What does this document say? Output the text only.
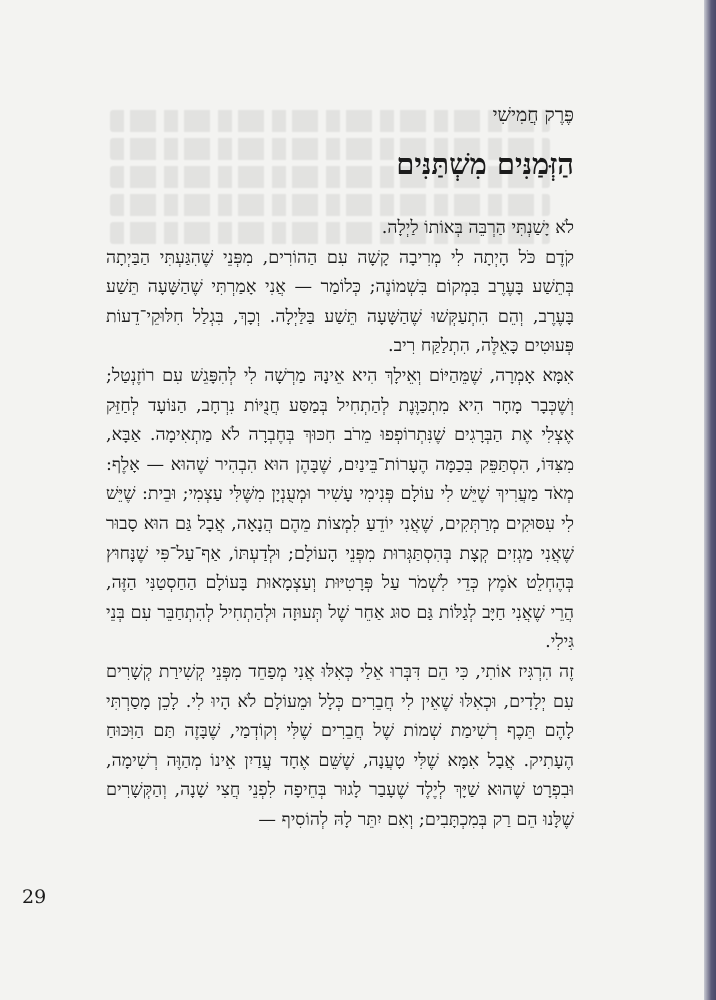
פֶּרֶק חֲמִישִׁי

הַזְּמַנִּים מִשְׁתַּנִּים

לֹא יָשַׁנְתִּי הַרְבֵּה בְּאוֹתוֹ לַיְלָה.

קֹדֶם כֹּל הָיְתָה לִי מְרִיבָה קָשָׁה עִם הַהוֹרִים, מִפְּנֵי שֶׁהִגַּעְתִּי הַבַּיְתָה בְּתֵשַׁע בָּעֶרֶב בִּמְקוֹם בִּשְׁמוֹנֶה; כְּלוֹמַר — אֲנִי אָמַרְתִּי שֶׁהַשָּׁעָה תֵּשַׁע בָּעֶרֶב, וְהֵם הִתְעַקְּשׁוּ שֶׁהַשָּׁעָה תֵּשַׁע בַּלַּיְלָה. וְכָךְ, בִּגְלַל חִלּוּקֵי־דֵעוֹת פְּעוּטִים כָּאֵלֶּה, הִתְלַקַּח רִיב.

אִמָּא אָמְרָה, שֶׁמֵּהַיּוֹם וְאֵילָךְ הִיא אֵינָהּ מַרְשָׁה לִי לְהִפָּגֵשׁ עִם רוֹזֶנְטַל; וְשֶׁכְּבָר מָחָר הִיא מִתְכַּוֶּנֶת לְהַתְחִיל בְּמַסַּע חֲנֻיּוֹת נִרְחָב, הַנּוֹעָד לְחַזֵּק אֶצְלִי אֶת הַבְּרָגִים שֶׁנִּתְרוֹפְפוּ מֵרֹב חִכּוּךְ בְּחֶבְרָה לֹא מַתְאִימָה. אַבָּא, מִצִּדּוֹ, הִסְתַּפֵּק בִּכַמָּה הֶעָרוֹת־בֵּינַיִם, שֶׁבָּהֶן הוּא הִבְהִיר שֶׁהוּא — אָלֶף: מְאֹד מַעֲרִיךְ שֶׁיֵּשׁ לִי עוֹלָם פְּנִימִי עָשִׁיר וּמְעֻנְיָן מִשֶּׁלִּי עַצְמִי; וּבֵית: שֶׁיֵּשׁ לִי עִסּוּקִים מְרַתְּקִים, שֶׁאֲנִי יוֹדֵעַ לִמְצוֹת מֵהֶם הֲנָאָה, אֲבָל גַּם הוּא סָבוּר שֶׁאֲנִי מַגְזִים קְצָת בְּהִסְתַּגְּרוּת מִפְּנֵי הָעוֹלָם; וּלְדַעְתּוֹ, אַף־עַל־פִּי שֶׁנָּחוּץ בְּהֶחְלֵט אֹמֶץ כְּדֵי לִשְׁמֹר עַל פְּרָטִיּוּת וְעַצְמָאוּת בָּעוֹלָם הַחַסְטַנִּי הַזֶּה, הֲרֵי שֶׁאֲנִי חַיָּב לְגַלּוֹת גַּם סוּג אַחֵר שֶׁל תְּעוּזָה וּלְהַתְחִיל לְהִתְחַבֵּר עִם בְּנֵי גִּילִי.

זֶה הִרְגִּיז אוֹתִי, כִּי הֵם דִּבְּרוּ אֵלַי כְּאִלּוּ אֲנִי מְפַחֵד מִפְּנֵי קְשִׁירַת קְשָׁרִים עִם יְלָדִים, וּכְאִלּוּ שֶׁאֵין לִי חֲבֵרִים כְּלָל וּמֵעוֹלָם לֹא הָיוּ לִי. לָכֵן מָסַרְתִּי לָהֶם תֵּכֶף רְשִׁימַת שְׁמוֹת שֶׁל חֲבֵרִים שֶׁלִּי וְקוֹדְמַי, שֶׁבָּזֶה תַּם הַוִּכּוּחַ הֶעָתִיק. אֲבָל אִמָּא שֶׁלִּי טָעֲנָה, שֶׁשֵּׁם אֶחָד עֲדַיִן אֵינוֹ מְהַוֶּה רְשִׁימָה, וּבִפְרָט שֶׁהוּא שַׁיָּךְ לְיֶלֶד שֶׁעָבַר לָגוּר בְּחֵיפָה לִפְנֵי חֲצִי שָׁנָה, וְהַקְּשָׁרִים שֶׁלָּנוּ הֵם רַק בְּמִכְתָּבִים; וְאִם יִתֵּר לָהּ לְהוֹסִיף —

29
